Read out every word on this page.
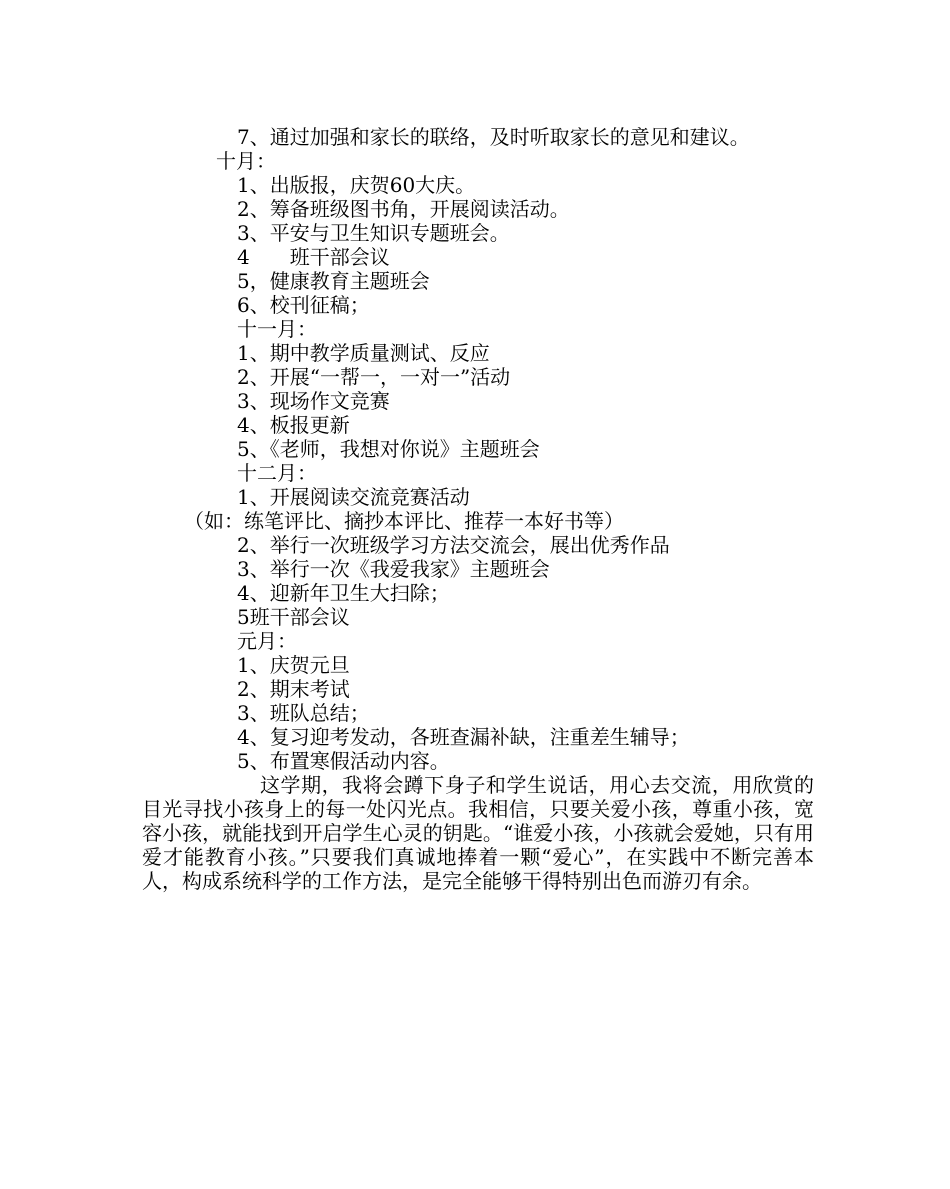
7、通过加强和家长的联络，及时听取家长的意见和建议。
十月：
1、出版报，庆贺60大庆。
2、筹备班级图书角，开展阅读活动。
3、平安与卫生知识专题班会。
4　　班干部会议
5，健康教育主题班会
6、校刊征稿；
十一月：
1、期中教学质量测试、反应
2、开展“一帮一，一对一”活动
3、现场作文竞赛
4、板报更新
5、《老师，我想对你说》主题班会
十二月：
1、开展阅读交流竞赛活动
（如：练笔评比、摘抄本评比、推荐一本好书等）
2、举行一次班级学习方法交流会，展出优秀作品
3、举行一次《我爱我家》主题班会
4、迎新年卫生大扫除；
5班干部会议
元月：
1、庆贺元旦
2、期末考试
3、班队总结；
4、复习迎考发动，各班查漏补缺，注重差生辅导；
5、布置寒假活动内容。
这学期，我将会蹲下身子和学生说话，用心去交流，用欣赏的目光寻找小孩身上的每一处闪光点。我相信，只要关爱小孩，尊重小孩，宽容小孩，就能找到开启学生心灵的钥匙。“谁爱小孩，小孩就会爱她，只有用爱才能教育小孩。”只要我们真诚地捧着一颗“爱心”，在实践中不断完善本人，构成系统科学的工作方法，是完全能够干得特别出色而游刃有余。
